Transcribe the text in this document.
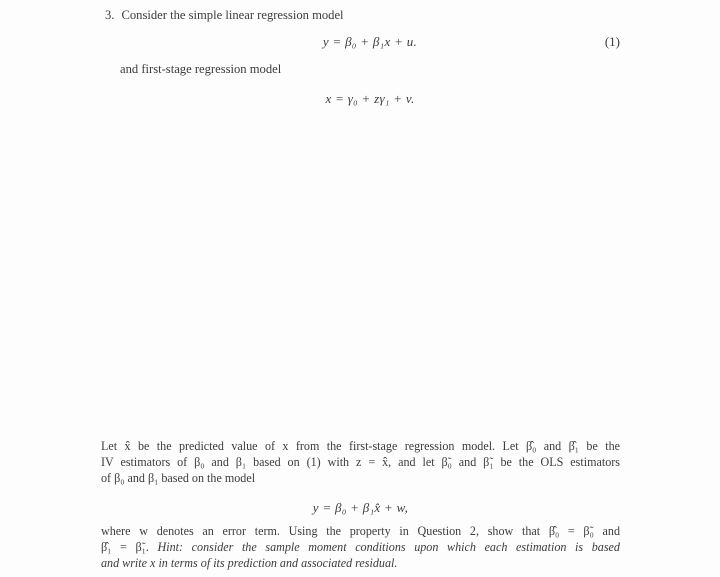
3. Consider the simple linear regression model
y = β₀ + β₁x + u.	(1)
and first-stage regression model
x = γ₀ + zγ₁ + v.
Let x̂ be the predicted value of x from the first-stage regression model. Let β̂₀ and β̂₁ be the
IV estimators of β₀ and β₁ based on (1) with z = x̂, and let β̃₀ and β̃₁ be the OLS estimators
of β₀ and β₁ based on the model
y = β₀ + β₁x̂ + w,
where w denotes an error term. Using the property in Question 2, show that β̂₀ = β̃₀ and
β̂₁ = β̃₁. Hint: consider the sample moment conditions upon which each estimation is based
and write x in terms of its prediction and associated residual.
